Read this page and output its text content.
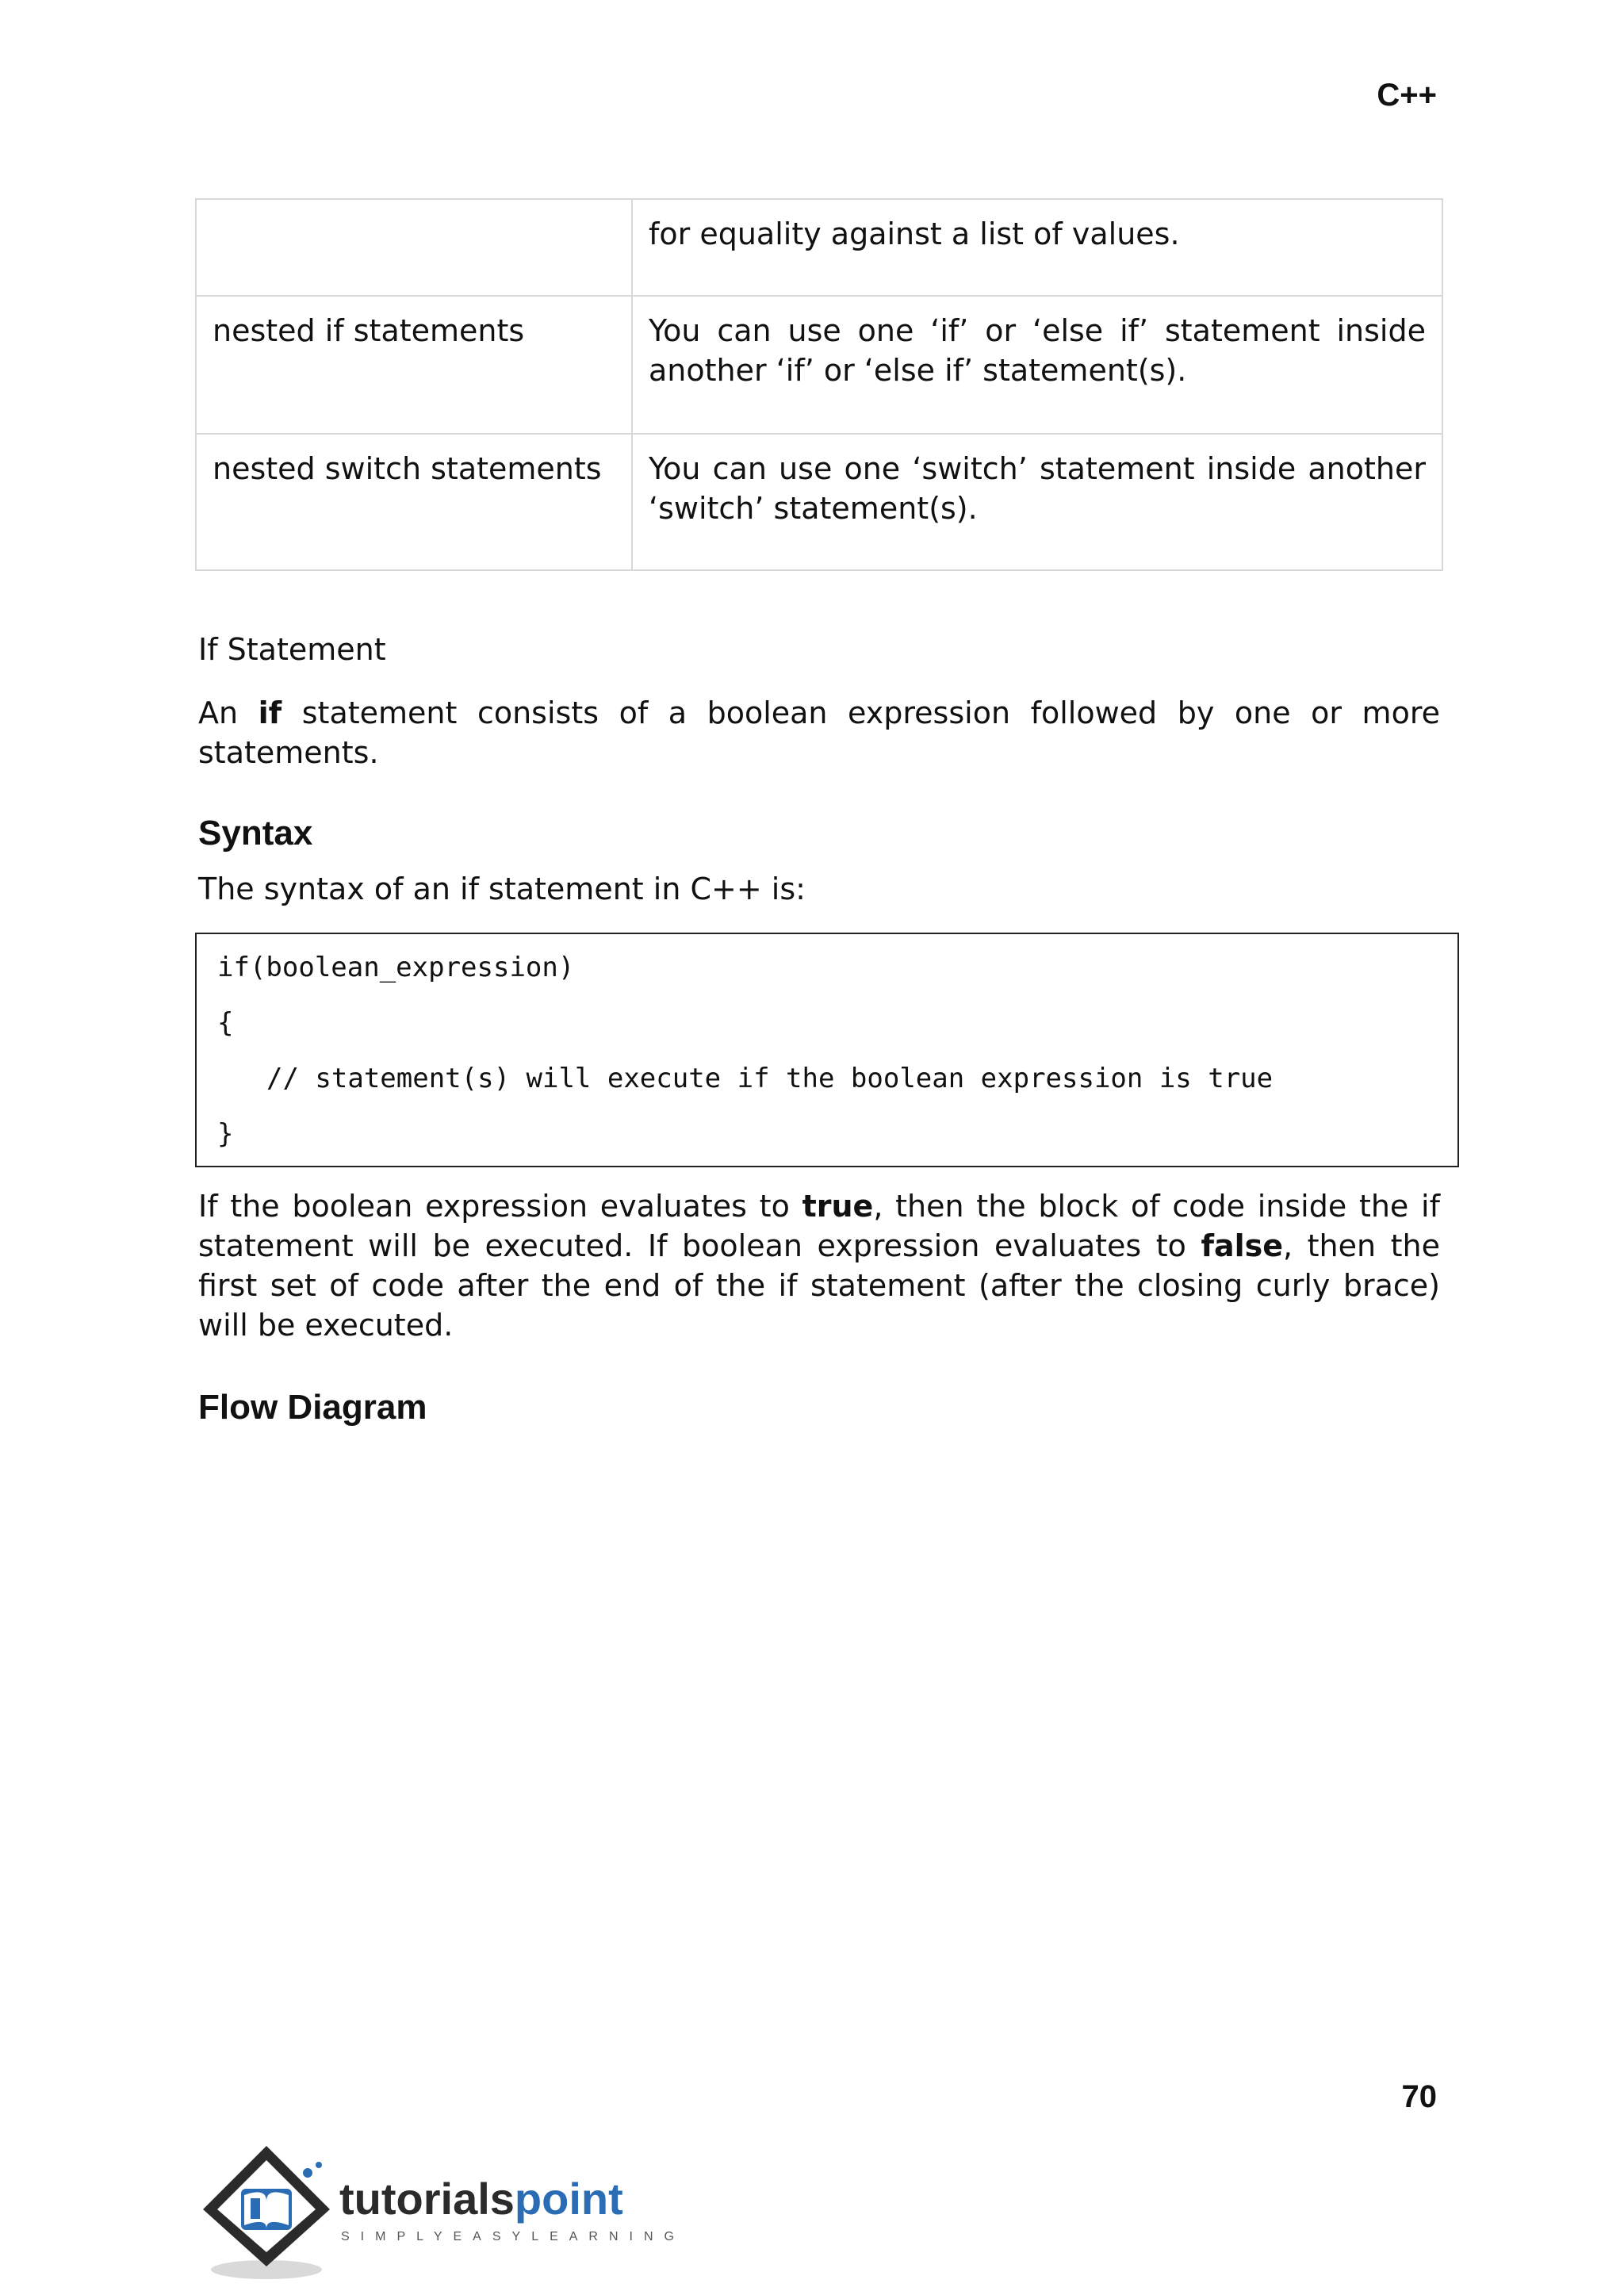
C++
	for equality against a list of values.
nested if statements	You can use one ‘if’ or ‘else if’ statement inside another ‘if’ or ‘else if’ statement(s).
nested switch statements	You can use one ‘switch’ statement inside another ‘switch’ statement(s).
If Statement
An if statement consists of a boolean expression followed by one or more statements.
Syntax
The syntax of an if statement in C++ is:
if(boolean_expression)
{
// statement(s) will execute if the boolean expression is true
}
If the boolean expression evaluates to true, then the block of code inside the if statement will be executed. If boolean expression evaluates to false, then the first set of code after the end of the if statement (after the closing curly brace) will be executed.
Flow Diagram
70
tutorialspoint
SIMPLYEASYLEARNING
